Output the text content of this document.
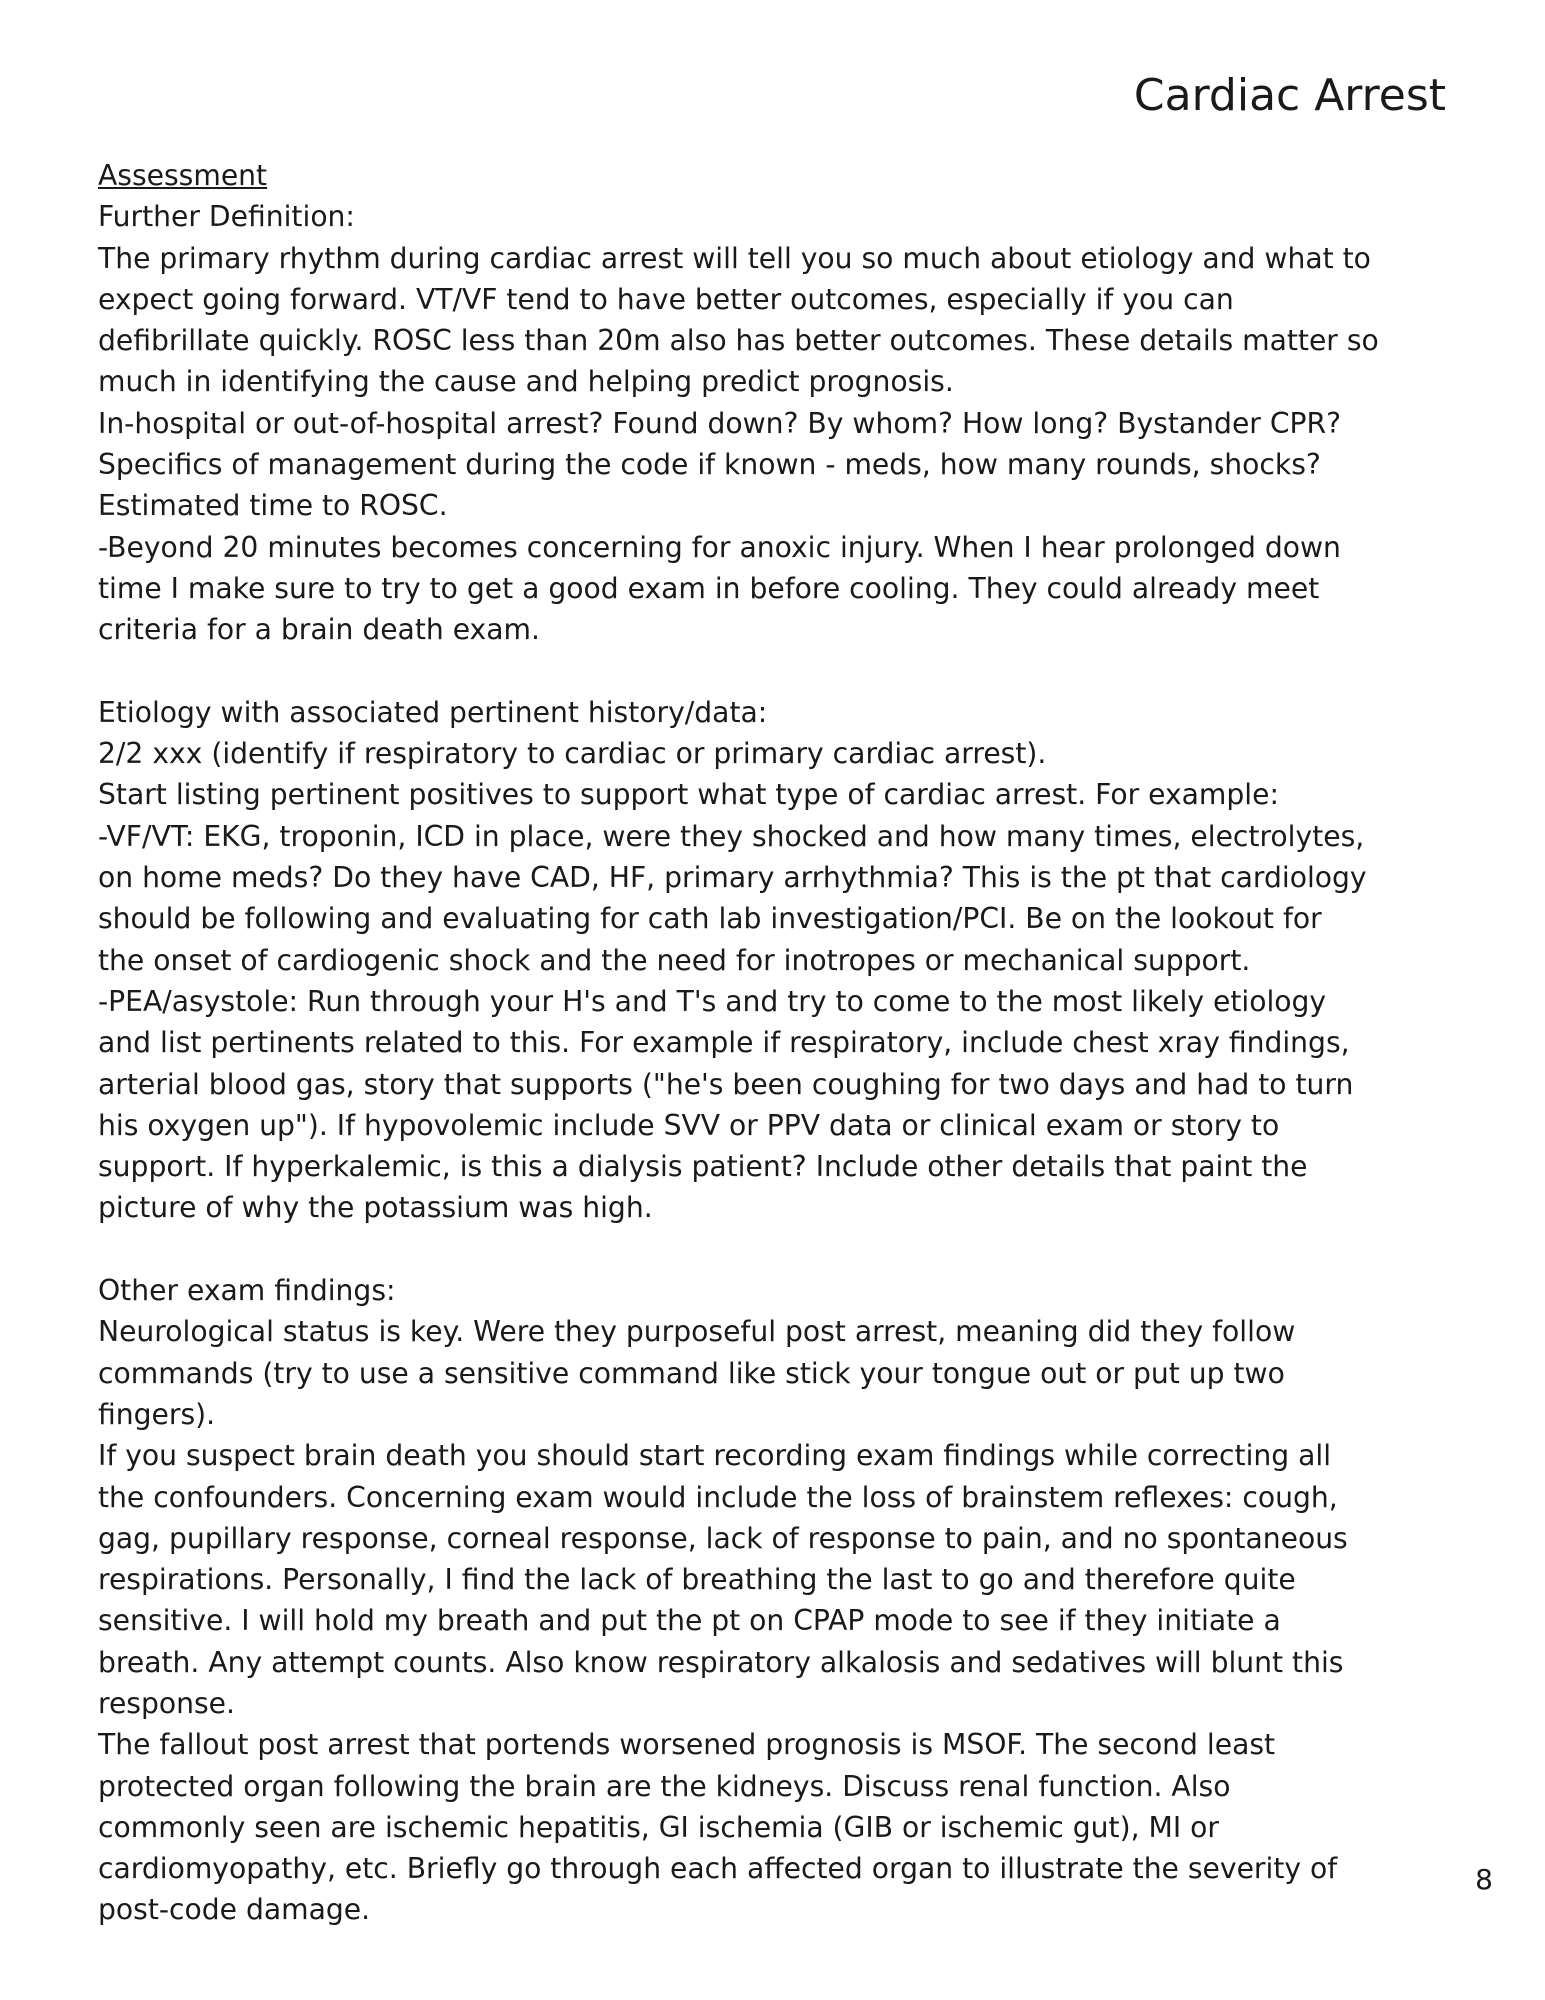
Cardiac Arrest

Assessment

Further Definition:

The primary rhythm during cardiac arrest will tell you so much about etiology and what to

expect going forward. VT/VF tend to have better outcomes, especially if you can

defibrillate quickly. ROSC less than 20m also has better outcomes. These details matter so

much in identifying the cause and helping predict prognosis.

In-hospital or out-of-hospital arrest? Found down? By whom? How long? Bystander CPR?

Specifics of management during the code if known - meds, how many rounds, shocks?

Estimated time to ROSC.

-Beyond 20 minutes becomes concerning for anoxic injury. When I hear prolonged down

time I make sure to try to get a good exam in before cooling. They could already meet

criteria for a brain death exam.

Etiology with associated pertinent history/data:

2/2 xxx (identify if respiratory to cardiac or primary cardiac arrest).

Start listing pertinent positives to support what type of cardiac arrest. For example:

-VF/VT: EKG, troponin, ICD in place, were they shocked and how many times, electrolytes,

on home meds? Do they have CAD, HF, primary arrhythmia? This is the pt that cardiology

should be following and evaluating for cath lab investigation/PCI. Be on the lookout for

the onset of cardiogenic shock and the need for inotropes or mechanical support.

-PEA/asystole: Run through your H's and T's and try to come to the most likely etiology

and list pertinents related to this. For example if respiratory, include chest xray findings,

arterial blood gas, story that supports ("he's been coughing for two days and had to turn

his oxygen up"). If hypovolemic include SVV or PPV data or clinical exam or story to

support. If hyperkalemic, is this a dialysis patient? Include other details that paint the

picture of why the potassium was high.

Other exam findings:

Neurological status is key. Were they purposeful post arrest, meaning did they follow

commands (try to use a sensitive command like stick your tongue out or put up two

fingers).

If you suspect brain death you should start recording exam findings while correcting all

the confounders. Concerning exam would include the loss of brainstem reflexes: cough,

gag, pupillary response, corneal response, lack of response to pain, and no spontaneous

respirations. Personally, I find the lack of breathing the last to go and therefore quite

sensitive. I will hold my breath and put the pt on CPAP mode to see if they initiate a

breath. Any attempt counts. Also know respiratory alkalosis and sedatives will blunt this

response.

The fallout post arrest that portends worsened prognosis is MSOF. The second least

protected organ following the brain are the kidneys. Discuss renal function. Also

commonly seen are ischemic hepatitis, GI ischemia (GIB or ischemic gut), MI or

cardiomyopathy, etc. Briefly go through each affected organ to illustrate the severity of

post-code damage.

8
